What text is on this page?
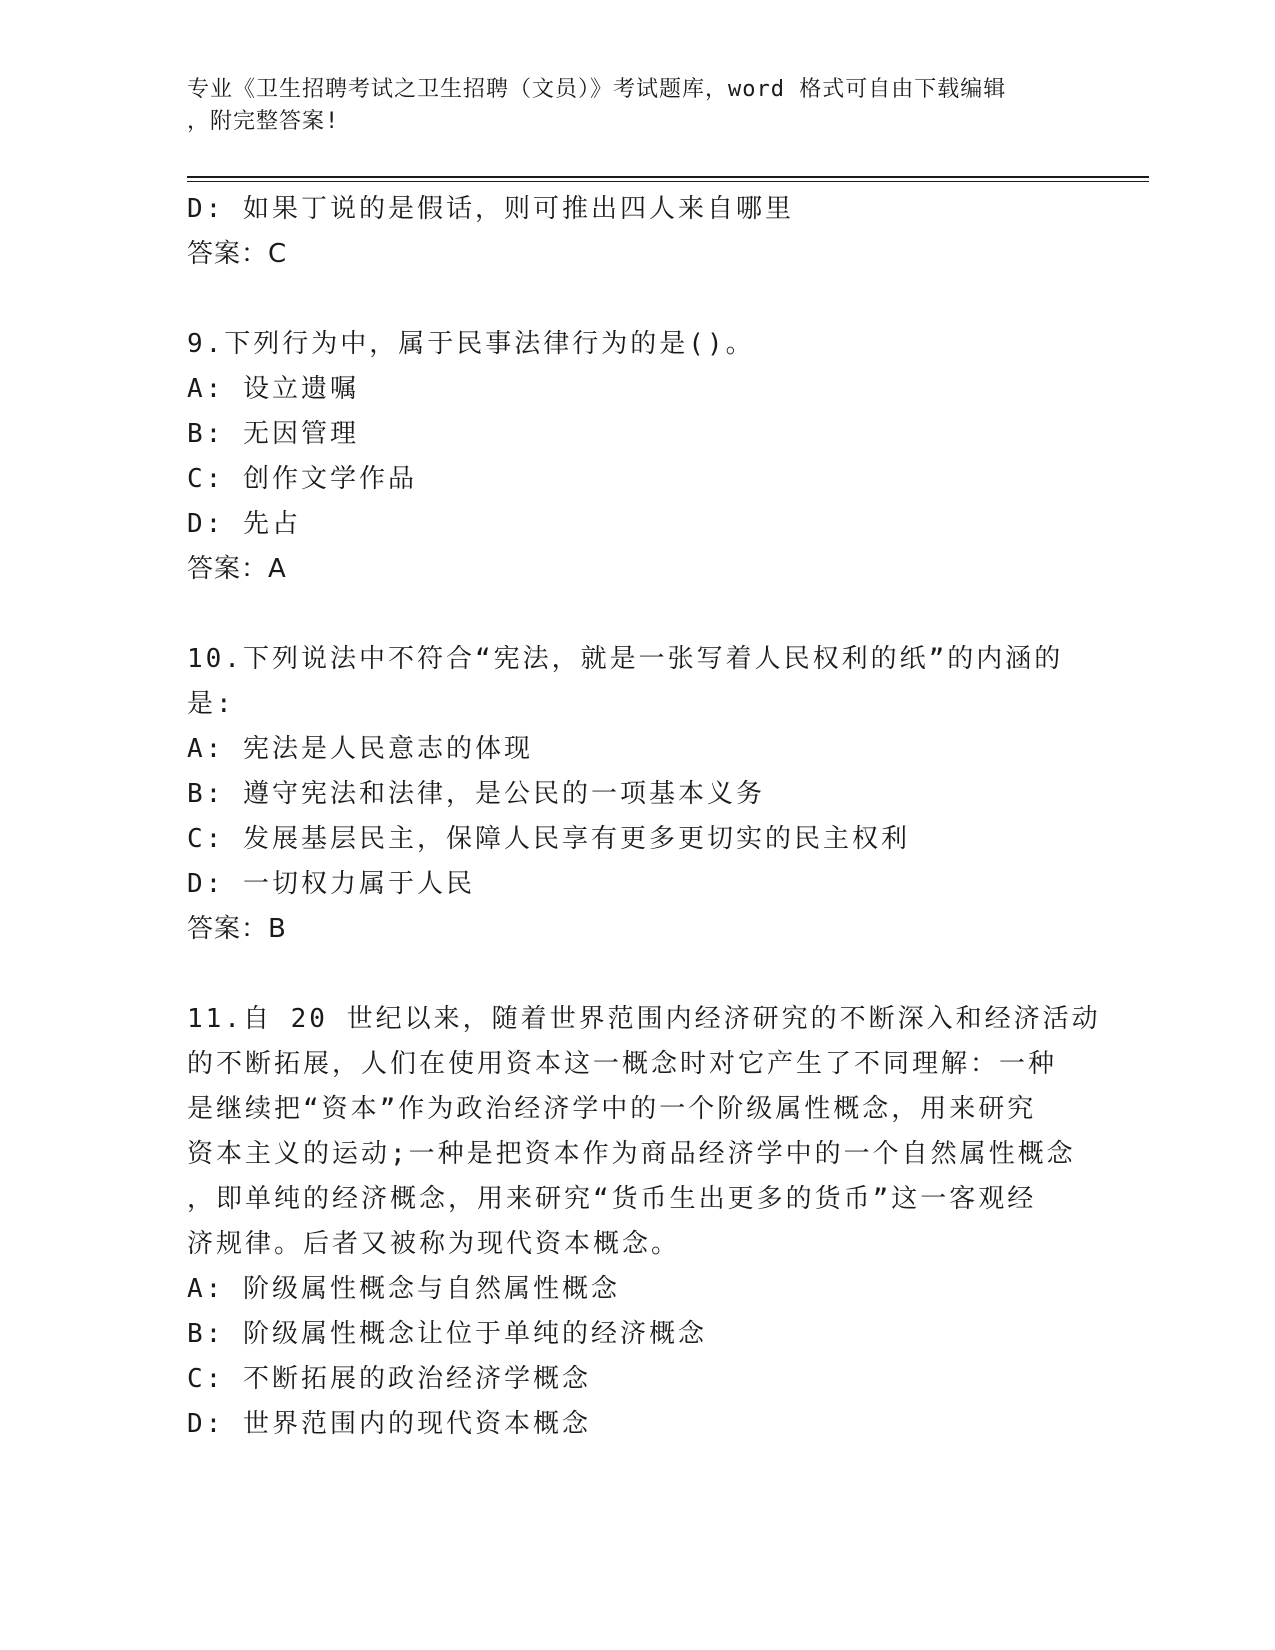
专业《卫生招聘考试之卫生招聘（文员）》考试题库，word 格式可自由下载编辑
，附完整答案!
D: 如果丁说的是假话，则可推出四人来自哪里
答案：C
9.下列行为中，属于民事法律行为的是()。
A: 设立遗嘱
B: 无因管理
C: 创作文学作品
D: 先占
答案：A
10.下列说法中不符合“宪法，就是一张写着人民权利的纸”的内涵的
是:
A: 宪法是人民意志的体现
B: 遵守宪法和法律，是公民的一项基本义务
C: 发展基层民主，保障人民享有更多更切实的民主权利
D: 一切权力属于人民
答案：B
11.自 20 世纪以来，随着世界范围内经济研究的不断深入和经济活动
的不断拓展，人们在使用资本这一概念时对它产生了不同理解：一种
是继续把“资本”作为政治经济学中的一个阶级属性概念，用来研究
资本主义的运动;一种是把资本作为商品经济学中的一个自然属性概念
，即单纯的经济概念，用来研究“货币生出更多的货币”这一客观经
济规律。后者又被称为现代资本概念。
A: 阶级属性概念与自然属性概念
B: 阶级属性概念让位于单纯的经济概念
C: 不断拓展的政治经济学概念
D: 世界范围内的现代资本概念
